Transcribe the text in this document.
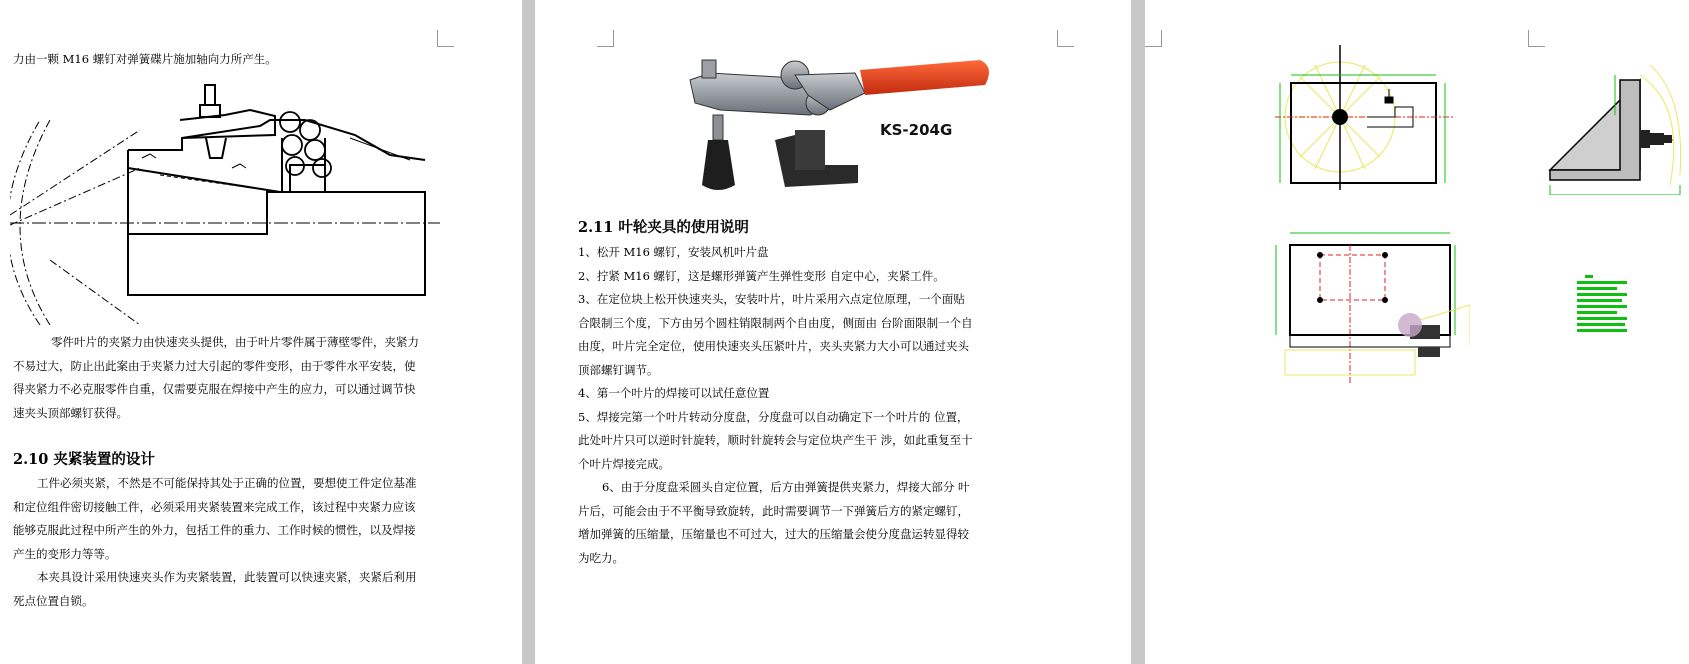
力由一颗 M16 螺钉对弹簧碟片施加轴向力所产生。
零件叶片的夹紧力由快速夹头提供，由于叶片零件属于薄壁零件，夹紧力不易过大，防止出此案由于夹紧力过大引起的零件变形，由于零件水平安装，使得夹紧力不必克服零件自重，仅需要克服在焊接中产生的应力，可以通过调节快速夹头顶部螺钉获得。
2.10 夹紧装置的设计
工件必须夹紧，不然是不可能保持其处于正确的位置，要想使工件定位基准和定位组件密切接触工件，必须采用夹紧装置来完成工作，该过程中夹紧力应该能够克服此过程中所产生的外力，包括工件的重力、工作时候的惯性，以及焊接产生的变形力等等。
本夹具设计采用快速夹头作为夹紧装置，此装置可以快速夹紧，夹紧后利用死点位置自锁。
KS-204G
2.11 叶轮夹具的使用说明
1、松开 M16 螺钉，安装风机叶片盘
2、拧紧 M16 螺钉，这是螺形弹簧产生弹性变形 自定中心，夹紧工件。
3、在定位块上松开快速夹头，安装叶片，叶片采用六点定位原理，一个面贴合限制三个度，下方由另个圆柱销限制两个自由度，侧面由 台阶面限制一个自由度，叶片完全定位，使用快速夹头压紧叶片，夹头夹紧力大小可以通过夹头顶部螺钉调节。
4、第一个叶片的焊接可以试任意位置
5、焊接完第一个叶片转动分度盘，分度盘可以自动确定下一个叶片的 位置，此处叶片只可以逆时针旋转，顺时针旋转会与定位块产生干 涉，如此重复至十个叶片焊接完成。
6、由于分度盘采圆头自定位置，后方由弹簧提供夹紧力，焊接大部分 叶片后，可能会由于不平衡导致旋转，此时需要调节一下弹簧后方的紧定螺钉，增加弹簧的压缩量，压缩量也不可过大，过大的压缩量会使分度盘运转显得较为吃力。
